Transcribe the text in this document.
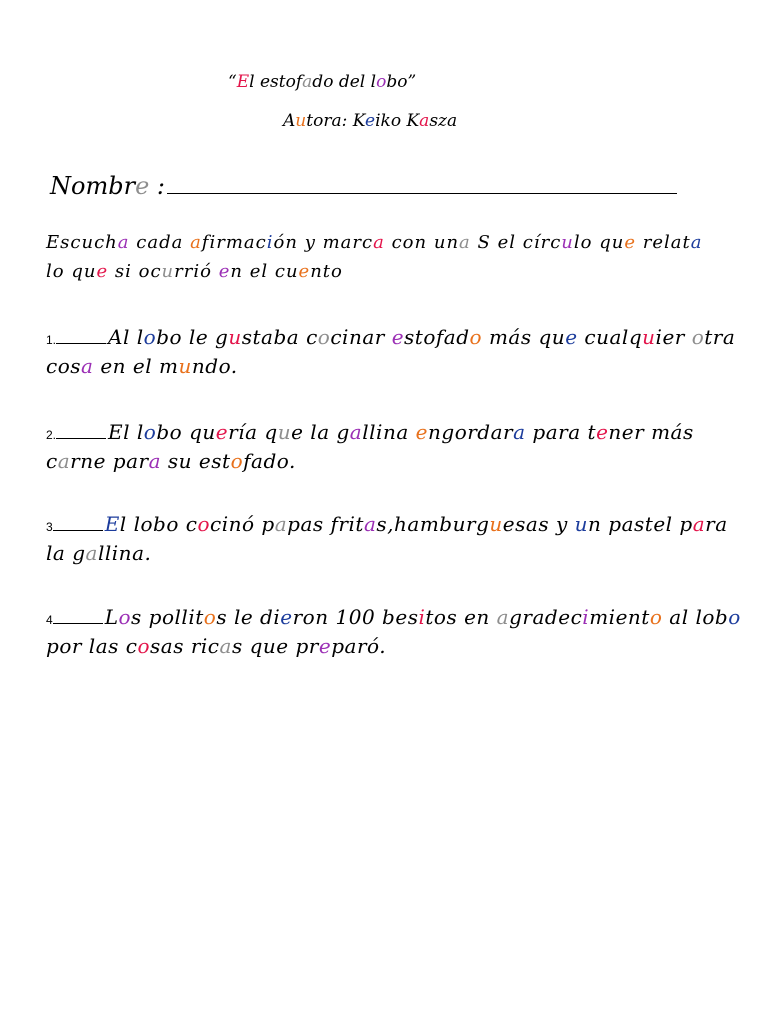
“El estofado del lobo”
Autora: Keiko Kasza
Nombre :
Escucha cada afirmación y marca con una S el círculo que relata
lo que si ocurrió en el cuento
1.	Al lobo le gustaba cocinar estofado más que cualquier otra
cosa en el mundo.
2.	El lobo quería que la gallina engordara para tener más
carne para su estofado.
3	El lobo cocinó papas fritas,hamburguesas y un pastel para
la gallina.
4	Los pollitos le dieron 100 besitos en agradecimiento al lobo
por las cosas ricas que preparó.
